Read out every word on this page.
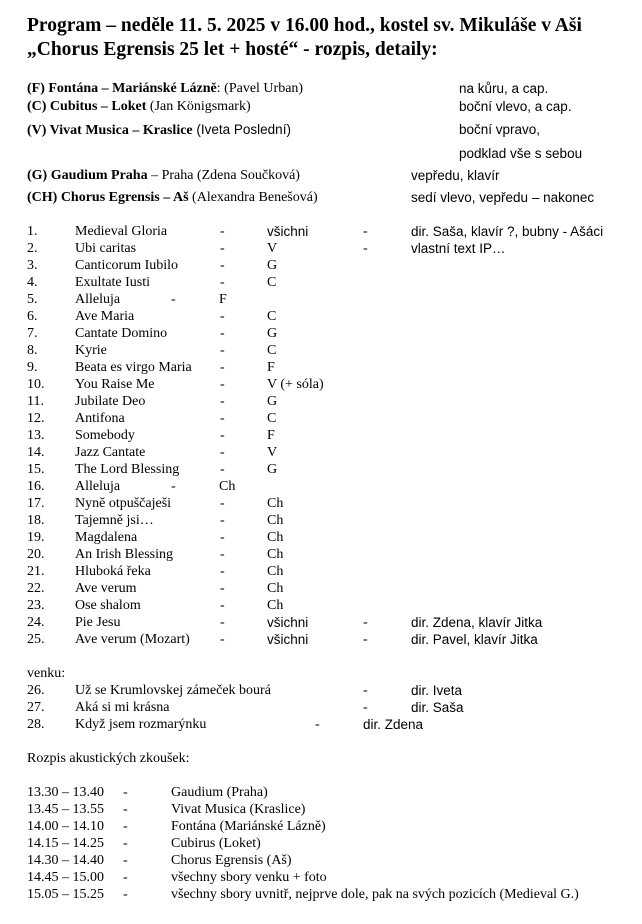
Program – neděle 11. 5. 2025 v 16.00 hod., kostel sv. Mikuláše v Aši
„Chorus Egrensis 25 let + hosté“ - rozpis, detaily:
(F) Fontána – Mariánské Lázně: (Pavel Urban)	na kůru, a cap.
(C) Cubitus – Loket (Jan Königsmark)	boční vlevo, a cap.
(V) Vivat Musica – Kraslice (Iveta Poslední)	boční vpravo,
podklad vše s sebou
(G) Gaudium Praha – Praha (Zdena Součková)	vepředu, klavír
(CH) Chorus Egrensis – Aš (Alexandra Benešová)	sedí vlevo, vepředu – nakonec
1.	Medieval Gloria	-	všichni	-	dir. Saša, klavír ?, bubny - Ašáci
2.	Ubi caritas	-	V	-	vlastní text IP…
3.	Canticorum Iubilo	-	G
4.	Exultate Iusti	-	C
5.	Alleluja	-	F
6.	Ave Maria	-	C
7.	Cantate Domino	-	G
8.	Kyrie	-	C
9.	Beata es virgo Maria -	F
10. You Raise Me	-	V (+ sóla)
11. Jubilate Deo	-	G
12. Antifona	-	C
13. Somebody	-	F
14. Jazz Cantate	-	V
15. The Lord Blessing	-	G
16. Alleluja	-	Ch
17. Nyně otpuščaješi	-	Ch
18. Tajemně jsi…	-	Ch
19. Magdalena	-	Ch
20. An Irish Blessing	-	Ch
21. Hluboká řeka	-	Ch
22. Ave verum	-	Ch
23. Ose shalom	-	Ch
24. Pie Jesu	-	všichni	-	dir. Zdena, klavír Jitka
25. Ave verum (Mozart) -	všichni	-	dir. Pavel, klavír Jitka
venku:
26. Už se Krumlovskej zámeček bourá	-	dir. Iveta
27. Aká si mi krásna	-	dir. Saša
28. Když jsem rozmarýnku	-	dir. Zdena
Rozpis akustických zkoušek:
13.30 – 13.40 -	Gaudium (Praha)
13.45 – 13.55 -	Vivat Musica (Kraslice)
14.00 – 14.10 -	Fontána (Mariánské Lázně)
14.15 – 14.25 -	Cubirus (Loket)
14.30 – 14.40 -	Chorus Egrensis (Aš)
14.45 – 15.00 -	všechny sbory venku + foto
15.05 – 15.25 -	všechny sbory uvnitř, nejprve dole, pak na svých pozicích (Medieval G.)
